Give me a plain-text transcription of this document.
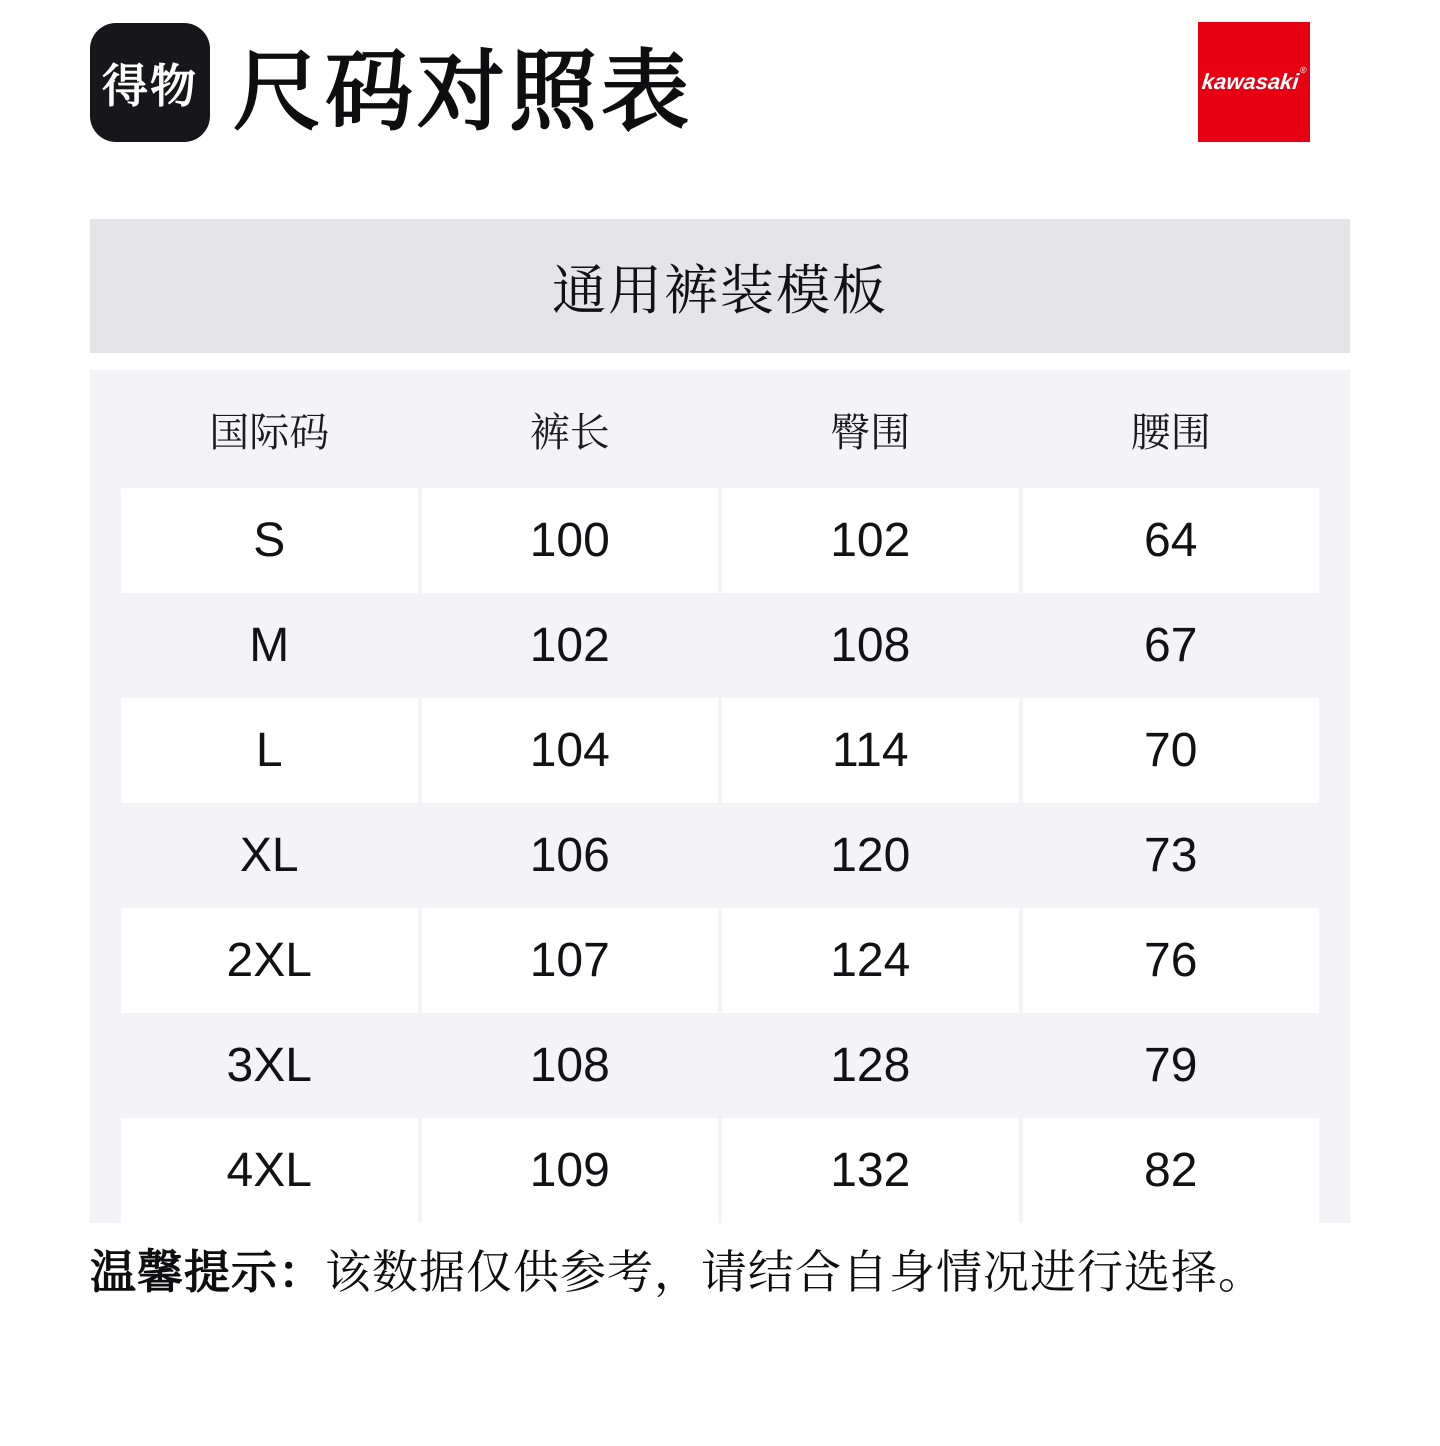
得物 尺码对照表	kawasaki®
通用裤装模板
国际码	裤长	臀围	腰围
S	100	102	64
M	102	108	67
L	104	114	70
XL	106	120	73
2XL	107	124	76
3XL	108	128	79
4XL	109	132	82
温馨提示：该数据仅供参考，请结合自身情况进行选择。
